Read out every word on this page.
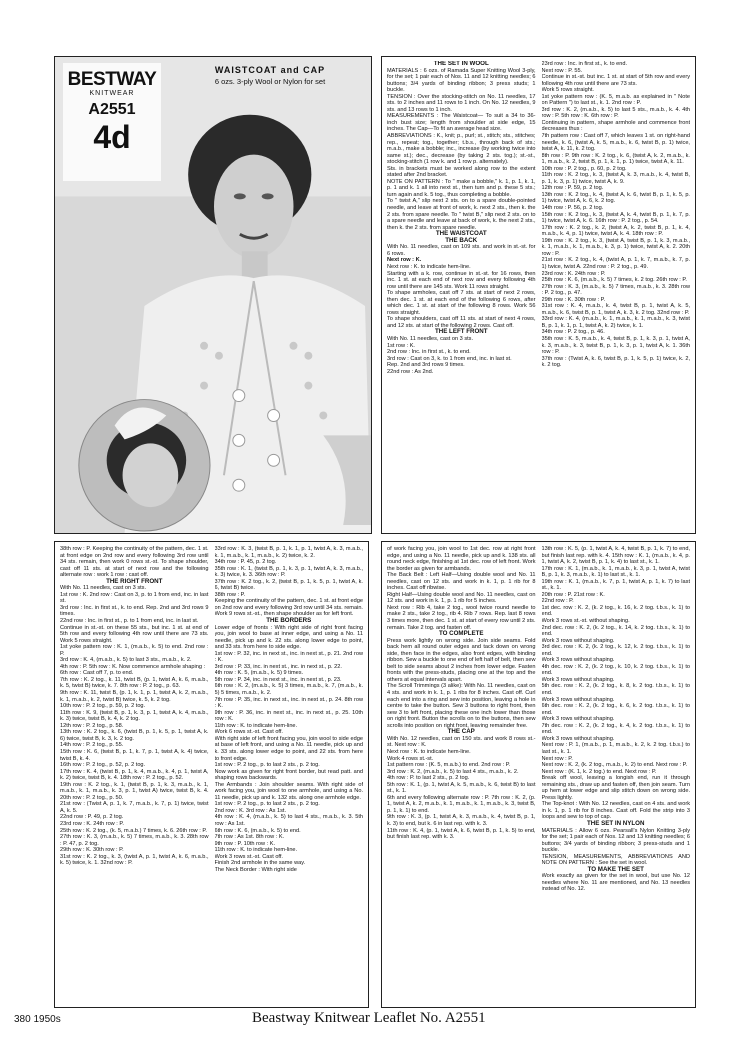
BESTWAY
KNITWEAR
A2551
4d
WAISTCOAT and CAP
6 ozs. 3-ply Wool or Nylon for set
THE SET IN WOOL
MATERIALS : 6 ozs. of Ramada Super Knitting Wool 3-ply, for the set; 1 pair each of Nos. 11 and 12 knitting needles; 6 buttons; 3/4 yards of binding ribbon; 3 press studs; 1 buckle.
TENSION : Over the stocking-stitch on No. 11 needles, 17 sts. to 2 inches and 11 rows to 1 inch. On No. 12 needles, 9 sts. and 13 rows to 1 inch.
MEASUREMENTS : The Waistcoat— To suit a 34 to 36-inch bust size; length from shoulder at side edge, 15 inches. The Cap—To fit an average head size.
ABBREVIATIONS : K., knit; p., purl; st., stitch; sts., stitches; rep., repeat; tog., together; t.b.s., through back of sts.; m.a.b., make a bobble; inc., increase (by working twice into same st.); dec., decrease (by taking 2 sts. tog.); st.-st., stocking-stitch (1 row k. and 1 row p. alternately).
Sts. in brackets must be worked along row to the extent stated after 2nd bracket.
NOTE ON PATTERN : To " make a bobble," k. 1, p. 1, k. 1, p. 1 and k. 1 all into next st., then turn and p. these 5 sts.; turn again and k. 5 tog., thus completing a bobble.
To " twist A," slip next 2 sts. on to a spare double-pointed needle, and leave at front of work, k. next 2 sts., then k. the 2 sts. from spare needle. To " twist B," slip next 2 sts. on to a spare needle and leave at back of work, k. the next 2 sts., then k. the 2 sts. from spare needle.
THE WAISTCOAT
THE BACK
With No. 11 needles, cast on 109 sts. and work in st.-st. for 6 rows.
Next row : K.
Next row : K. to indicate hem-line.
Starting with a k. row, continue in st.-st. for 16 rows, then inc. 1 st. at each end of next row and every following 4th row until there are 145 sts. Work 11 rows straight.
To shape armholes, cast off 7 sts. at start of next 2 rows, then dec. 1 st. at each end of the following 6 rows, after which dec. 1 st. at start of the following 8 rows. Work 56 rows straight.
To shape shoulders, cast off 11 sts. at start of next 4 rows, and 12 sts. at start of the following 2 rows. Cast off.
THE LEFT FRONT
With No. 11 needles, cast on 3 sts.
1st row : K.
2nd row : Inc. in first st., k. to end.
3rd row : Cast on 3, k. to 1 from end, inc. in last st.
Rep. 2nd and 3rd rows 9 times.
22nd row : As 2nd.
23rd row : Inc. in first st., k. to end.
Next row : P. 55.
Continue in st.-st. but inc. 1 st. at start of 5th row and every following 4th row until there are 73 sts.
Work 5 rows straight.
1st yoke pattern row : (K. 5, m.a.b. as explained in " Note on Pattern ") to last st., k. 1. 2nd row : P.
3rd row : K. 2, (m.a.b., k. 5) to last 5 sts., m.a.b., k. 4. 4th row : P. 5th row : K. 6th row : P.
Continuing in pattern, shape armhole and commence front decreases thus :
7th pattern row : Cast off 7, which leaves 1 st. on right-hand needle, k. 6, (twist A, k. 5, m.a.b., k. 6, twist B, p. 1) twice, twist A, k. 11, k. 2 tog.
8th row : P. 9th row : K. 2 tog., k. 6, (twist A, k. 2, m.a.b., k. 1, m.a.b., k. 2, twist B, p. 1, k. 1, p. 1) twice, twist A, k. 11.
10th row : P. 2 tog., p. 60, p. 2 tog.
11th row : K. 2 tog., k. 3, (twist A, k. 3, m.a.b., k. 4, twist B, p. 1, k. 3, p. 1) twice, twist A, k. 9.
12th row : P. 59, p. 2 tog.
13th row : K. 2 tog., k. 4, (twist A, k. 6, twist B, p. 1, k. 5, p. 1) twice, twist A, k. 6, k. 2 tog.
14th row : P. 56, p. 2 tog.
15th row : K. 2 tog., k. 3, (twist A, k. 4, twist B, p. 1, k. 7, p. 1) twice, twist A, k. 6. 16th row : P. 2 tog., p. 54.
17th row : K. 2 tog., k. 2, (twist A, k. 2, twist B, p. 1, k. 4, m.a.b., k. 4, p. 1) twice, twist A, k. 4. 18th row : P.
19th row : K. 2 tog., k. 3, (twist A, twist B, p. 1, k. 3, m.a.b., k. 1, m.a.b., k. 1, m.a.b., k. 3, p. 1) twice, twist A, k. 2. 20th row : P.
21st row : K. 2 tog., k. 4, (twist A, p. 1, k. 7, m.a.b., k. 7, p. 1) twice, twist A. 22nd row : P. 2 tog., p. 49.
23rd row : K. 24th row : P.
25th row : K. 6, (m.a.b., k. 5) 7 times, k. 2 tog. 26th row : P.
27th row : K. 3, (m.a.b., k. 5) 7 times, m.a.b., k. 3. 28th row : P. 2 tog., p. 47.
29th row : K. 30th row : P.
31st row : K. 4, m.a.b., k. 4, twist B, p. 1, twist A, k. 5, m.a.b., k. 6, twist B, p. 1, twist A, k. 3, k. 2 tog. 32nd row : P.
33rd row : K. 4, (m.a.b., k. 1, m.a.b., k. 1, m.a.b., k. 3, twist B, p. 1, k. 1, p. 1, twist A, k. 2) twice, k. 1.
34th row : P. 2 tog., p. 46.
35th row : K. 5, m.a.b., k. 4, twist B, p. 1, k. 3, p. 1, twist A, k. 3, m.a.b., k. 3, twist B, p. 1, k. 3, p. 1, twist A, k. 1. 36th row : P.
37th row : (Twist A, k. 6, twist B, p. 1, k. 5, p. 1) twice, k. 2, k. 2 tog.
38th row : P. Keeping the continuity of the pattern, dec. 1 st. at front edge on 2nd row and every following 3rd row until 34 sts. remain, then work 0 rows st.-st. To shape shoulder, cast off 11 sts. at start of next row and the following alternate row : work 1 row : cast off.
THE RIGHT FRONT
With No. 11 needles, cast on 3 sts.
1st row : K. 2nd row : Cast on 3, p. to 1 from end, inc. in last st.
3rd row : Inc. in first st., k. to end. Rep. 2nd and 3rd rows 9 times.
22nd row : Inc. in first st., p. to 1 from end, inc. in last st.
Continue in st.-st. on these 55 sts., but inc. 1 st. at end of 5th row and every following 4th row until there are 73 sts. Work 5 rows straight.
1st yoke pattern row : K. 1, (m.a.b., k. 5) to end. 2nd row : P.
3rd row : K. 4, (m.a.b., k. 5) to last 3 sts., m.a.b., k. 2.
4th row : P. 5th row : K. Now commence armhole shaping :
6th row : Cast off 7, p. to end.
7th row : K. 2 tog., k. 11, twist B, (p. 1, twist A, k. 6, m.a.b., k. 5, twist B) twice, k. 7. 8th row : P. 2 tog., p. 63.
9th row : K. 11, twist B, (p. 1, k. 1, p. 1, twist A, k. 2, m.a.b., k. 1, m.a.b., k. 2, twist B) twice, k. 5, k. 2 tog.
10th row : P. 2 tog., p. 59, p. 2 tog.
11th row : K. 9, (twist B, p. 1, k. 3, p. 1, twist A, k. 4, m.a.b., k. 3) twice, twist B, k. 4, k. 2 tog.
12th row : P. 2 tog., p. 58.
13th row : K. 2 tog., k. 6, (twist B, p. 1, k. 5, p. 1, twist A, k. 6) twice, twist B, k. 3, k. 2 tog.
14th row : P. 2 tog., p. 55.
15th row : K. 6, (twist B, p. 1, k. 7, p. 1, twist A, k. 4) twice, twist B, k. 4.
16th row : P. 2 tog., p. 52, p. 2 tog.
17th row : K. 4, (twist B, p. 1, k. 4, m.a.b., k. 4, p. 1, twist A, k. 2) twice, twist B, k. 4. 18th row : P. 2 tog., p. 52.
19th row : K. 2 tog., k. 1, (twist B, p. 1, k. 3, m.a.b., k. 1, m.a.b., k. 1, m.a.b., k. 3, p. 1, twist A) twice, twist B, k. 4. 20th row : P. 2 tog., p. 50.
21st row : (Twist A, p. 1, k. 7, m.a.b., k. 7, p. 1) twice, twist A, k. 5.
22nd row : P. 49, p. 2 tog.
23rd row : K. 24th row : P.
25th row : K. 2 tog., (k. 5, m.a.b.) 7 times, k. 6. 26th row : P.
27th row : K. 3, (m.a.b., k. 5) 7 times, m.a.b., k. 3. 28th row : P. 47, p. 2 tog.
29th row : K. 30th row : P.
31st row : K. 2 tog., k. 3, (twist A, p. 1, twist A, k. 6, m.a.b., k. 5) twice, k. 1. 32nd row : P.
33rd row : K. 3, (twist B, p. 1, k. 1, p. 1, twist A, k. 3, m.a.b., k. 1, m.a.b., k. 1, m.a.b., k. 2) twice, k. 2.
34th row : P. 45, p. 2 tog.
35th row : K. 1, (twist B, p. 1, k. 3, p. 1, twist A, k. 3, m.a.b., k. 3) twice, k. 3. 36th row : P.
37th row : K. 2 tog., k. 2, (twist B, p. 1, k. 5, p. 1, twist A, k. 6, twist B) twice.
38th row : P.
Keeping the continuity of the pattern, dec. 1 st. at front edge on 2nd row and every following 3rd row until 34 sts. remain. Work 9 rows st.-st., then shape shoulder as for left front.
THE BORDERS
Lower edge of fronts : With right side of right front facing you, join wool to base at inner edge, and using a No. 11 needle, pick up and k. 22 sts. along lower edge to point, and 33 sts. from here to side edge.
1st row : P. 32, inc. in next st., inc. in next st., p. 21. 2nd row : K.
3rd row : P. 33, inc. in next st., inc. in next st., p. 22.
4th row : K. 5, (m.a.b., k. 5) 9 times.
5th row : P. 34, inc. in next st., inc. in next st., p. 23.
6th row : K. 2, (m.a.b., k. 5) 3 times, m.a.b., k. 7, (m.a.b., k. 5) 5 times, m.a.b., k. 2.
7th row : P. 35, inc. in next st., inc. in next st., p. 24. 8th row : K.
9th row : P. 36, inc. in next st., inc. in next st., p. 25. 10th row : K.
11th row : K. to indicate hem-line.
Work 6 rows st.-st. Cast off.
With right side of left front facing you, join wool to side edge at base of left front, and using a No. 11 needle, pick up and k. 33 sts. along lower edge to point, and 22 sts. from here to front edge.
1st row : P. 2 tog., p. to last 2 sts., p. 2 tog.
Now work as given for right front border, but read patt. and shaping rows backwards.
The Armbands : Join shoulder seams. With right side of work facing you, join wool to one armhole, and using a No. 11 needle, pick up and k. 132 sts. along one armhole edge.
1st row : P. 2 tog., p. to last 2 sts., p. 2 tog.
2nd row : K. 3rd row : As 1st.
4th row : K. 4, (m.a.b., k. 5) to last 4 sts., m.a.b., k. 3. 5th row : As 1st.
6th row : K. 6, (m.a.b., k. 5) to end.
7th row : As 1st. 8th row : K.
9th row : P. 10th row : K.
11th row : K. to indicate hem-line.
Work 3 rows st.-st. Cast off.
Finish 2nd armhole in the same way.
The Neck Border : With right side
of work facing you, join wool to 1st dec. row at right front edge, and using a No. 11 needle, pick up and k. 138 sts. all round neck edge, finishing at 1st dec. row of left front. Work the border as given for armbands.
The Back Belt : Left Half—Using double wool and No. 11 needles, cast on 12 sts. and work in k. 1, p. 1 rib for 8 inches. Cast off ribwise.
Right Half—Using double wool and No. 11 needles, cast on 12 sts. and work in k. 1, p. 1 rib for 5 inches.
Next row : Rib 4, take 2 tog., wool twice round needle to make 2 sts., take 2 tog., rib 4. Rib 7 rows. Rep. last 8 rows 3 times more, then dec. 1 st. at start of every row until 2 sts. remain. Take 2 tog. and fasten off.
TO COMPLETE
Press work lightly on wrong side. Join side seams. Fold back hem all round outer edges and tack down on wrong side, then face in the edges, also front edges, with binding ribbon. Sew a buckle to one end of left half of belt, then sew belt to side seams about 2 inches from lower edge. Fasten fronts with the press-studs, placing one at the top and the others at equal intervals apart.
The Scroll Trimmings (3 alike): With No. 11 needles, cast on 4 sts. and work in k. 1, p. 1 ribs for 8 inches. Cast off. Curl each end into a ring and sew into position, leaving a hole in centre to take the button. Sew 3 buttons to right front, then sew 3 to left front, placing these one inch lower than those on right front. Button the scrolls on to the buttons, then sew scrolls into position on right front, leaving remainder free.
THE CAP
With No. 12 needles, cast on 150 sts. and work 8 rows st.-st. Next row : K.
Next row : K. to indicate hem-line.
Work 4 rows st.-st.
1st pattern row : (K. 5, m.a.b.) to end. 2nd row : P.
3rd row : K. 2, (m.a.b., k. 5) to last 4 sts., m.a.b., k. 2.
4th row : P. to last 2 sts., p. 2 tog.
5th row : K. 1, (p. 1, twist A, k. 5, m.a.b., k. 6, twist B) to last st., k. 1.
6th and every following alternate row : P. 7th row : K. 2, (p. 1, twist A, k. 2, m.a.b., k. 1, m.a.b., k. 1, m.a.b., k. 3, twist B, p. 1, k. 1) to end.
9th row : K. 3, (p. 1, twist A, k. 3, m.a.b., k. 4, twist B, p. 1, k. 3) to end, but k. 6 in last rep. with k. 3.
11th row : K. 4, (p. 1, twist A, k. 6, twist B, p. 1, k. 5) to end, but finish last rep. with k. 3.
13th row : K. 5, (p. 1, twist A, k. 4, twist B, p. 1, k. 7) to end, but finish last rep. with k. 4. 15th row : K. 1, (m.a.b., k. 4, p. 1, twist A, k. 2, twist B, p. 1, k. 4) to last st., k. 1.
17th row : K. 1, (m.a.b., k. 1, m.a.b., k. 3, p. 1, twist A, twist B, p. 1, k. 3, m.a.b., k. 1) to last st., k. 1.
19th row : K. 1, (m.a.b., k. 7, p. 1, twist A, p. 1, k. 7) to last st., k. 1.
20th row : P. 21st row : K.
22nd row : P.
1st dec. row : K. 2, (k. 2 tog., k. 16, k. 2 tog. t.b.s., k. 1) to end.
Work 3 rows st.-st. without shaping.
2nd dec. row : K. 2, (k. 2 tog., k. 14, k. 2 tog. t.b.s., k. 1) to end.
Work 3 rows without shaping.
3rd dec. row : K. 2, (k. 2 tog., k. 12, k. 2 tog. t.b.s., k. 1) to end.
Work 3 rows without shaping.
4th dec. row : K. 2, (k. 2 tog., k. 10, k. 2 tog. t.b.s., k. 1) to end.
Work 3 rows without shaping.
5th dec. row : K. 2, (k. 2 tog., k. 8, k. 2 tog. t.b.s., k. 1) to end.
Work 3 rows without shaping.
6th dec. row : K. 2, (k. 2 tog., k. 6, k. 2 tog. t.b.s., k. 1) to end.
Work 3 rows without shaping.
7th dec. row : K. 2, (k. 2 tog., k. 4, k. 2 tog. t.b.s., k. 1) to end.
Work 3 rows without shaping.
Next row : P. 1, (m.a.b., p. 1, m.a.b., k. 2, k. 2 tog. t.b.s.) to last st., k. 1.
Next row : P.
Next row : K. 2, (k. 2 tog., m.a.b., k. 2) to end. Next row : P.
Next row : (K. 1, k. 2 tog.) to end. Next row : P.
Break off wool, leaving a longish end, run it through remaining sts., draw up and fasten off, then join seam. Turn up hem at lower edge and slip stitch down on wrong side. Press lightly.
The Top-knot : With No. 12 needles, cast on 4 sts. and work in k. 1, p. 1 rib for 8 inches. Cast off. Fold the strip into 3 loops and sew to top of cap.
THE SET IN NYLON
MATERIALS : Allow 6 ozs. Pearsall's Nylon Knitting 3-ply for the set; 1 pair each of Nos. 12 and 13 knitting needles; 6 buttons; 3/4 yards of binding ribbon; 3 press-studs and 1 buckle.
TENSION, MEASUREMENTS, ABBREVIATIONS AND NOTE ON PATTERN : See the set in wool.
TO MAKE THE SET
Work exactly as given for the set in wool, but use No. 12 needles where No. 11 are mentioned, and No. 13 needles instead of No. 12.
380 1950s	Beastway Knitwear Leaflet No. A2551
